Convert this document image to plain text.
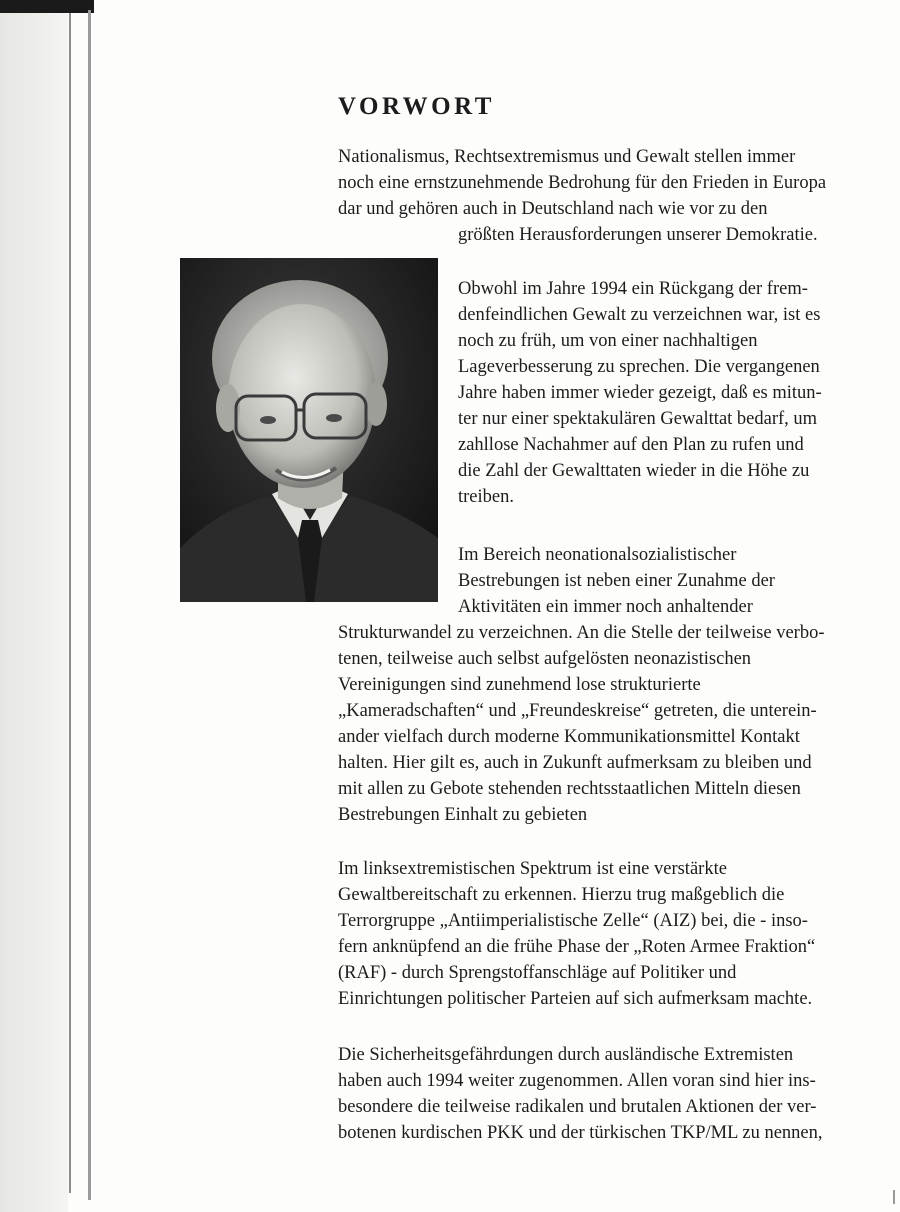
VORWORT
Nationalismus, Rechtsextremismus und Gewalt stellen immer
noch eine ernstzunehmende Bedrohung für den Frieden in Europa
dar und gehören auch in Deutschland nach wie vor zu den
größten Herausforderungen unserer Demokratie.
Obwohl im Jahre 1994 ein Rückgang der frem-
denfeindlichen Gewalt zu verzeichnen war, ist es
noch zu früh, um von einer nachhaltigen
Lageverbesserung zu sprechen. Die vergangenen
Jahre haben immer wieder gezeigt, daß es mitun-
ter nur einer spektakulären Gewalttat bedarf, um
zahllose Nachahmer auf den Plan zu rufen und
die Zahl der Gewalttaten wieder in die Höhe zu
treiben.
Im Bereich neonationalsozialistischer
Bestrebungen ist neben einer Zunahme der
Aktivitäten ein immer noch anhaltender
Strukturwandel zu verzeichnen. An die Stelle der teilweise verbo-
tenen, teilweise auch selbst aufgelösten neonazistischen
Vereinigungen sind zunehmend lose strukturierte
„Kameradschaften“ und „Freundeskreise“ getreten, die unterein-
ander vielfach durch moderne Kommunikationsmittel Kontakt
halten. Hier gilt es, auch in Zukunft aufmerksam zu bleiben und
mit allen zu Gebote stehenden rechtsstaatlichen Mitteln diesen
Bestrebungen Einhalt zu gebieten
Im linksextremistischen Spektrum ist eine verstärkte
Gewaltbereitschaft zu erkennen. Hierzu trug maßgeblich die
Terrorgruppe „Antiimperialistische Zelle“ (AIZ) bei, die - inso-
fern anknüpfend an die frühe Phase der „Roten Armee Fraktion“
(RAF) - durch Sprengstoffanschläge auf Politiker und
Einrichtungen politischer Parteien auf sich aufmerksam machte.
Die Sicherheitsgefährdungen durch ausländische Extremisten
haben auch 1994 weiter zugenommen. Allen voran sind hier ins-
besondere die teilweise radikalen und brutalen Aktionen der ver-
botenen kurdischen PKK und der türkischen TKP/ML zu nennen,
